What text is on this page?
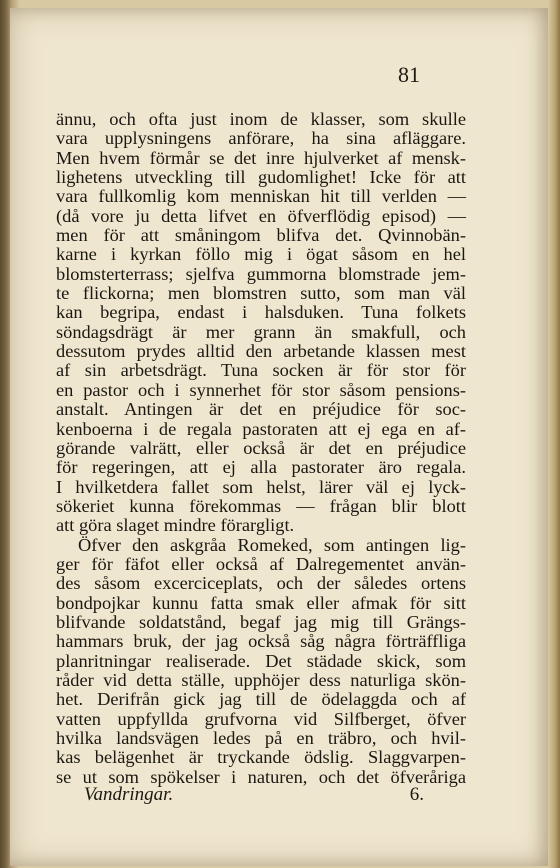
81
ännu, och ofta just inom de klasser, som skulle
vara upplysningens anförare, ha sina afläggare.
Men hvem förmår se det inre hjulverket af mensk-
lighetens utveckling till gudomlighet! Icke för att
vara fullkomlig kom menniskan hit till verlden —
(då vore ju detta lifvet en öfverflödig episod) —
men för att småningom blifva det. Qvinnobän-
karne i kyrkan föllo mig i ögat såsom en hel
blomsterterrass; sjelfva gummorna blomstrade jem-
te flickorna; men blomstren sutto, som man väl
kan begripa, endast i halsduken. Tuna folkets
söndagsdrägt är mer grann än smakfull, och
dessutom prydes alltid den arbetande klassen mest
af sin arbetsdrägt. Tuna socken är för stor för
en pastor och i synnerhet för stor såsom pensions-
anstalt. Antingen är det en préjudice för soc-
kenboerna i de regala pastoraten att ej ega en af-
görande valrätt, eller också är det en préjudice
för regeringen, att ej alla pastorater äro regala.
I hvilketdera fallet som helst, lärer väl ej lyck-
sökeriet kunna förekommas — frågan blir blott
att göra slaget mindre förargligt.
Öfver den askgråa Romeked, som antingen lig-
ger för fäfot eller också af Dalregementet använ-
des såsom excerciceplats, och der således ortens
bondpojkar kunnu fatta smak eller afmak för sitt
blifvande soldatstånd, begaf jag mig till Grängs-
hammars bruk, der jag också såg några förträffliga
planritningar realiserade. Det städade skick, som
råder vid detta ställe, upphöjer dess naturliga skön-
het. Derifrån gick jag till de ödelaggda och af
vatten uppfyllda grufvorna vid Silfberget, öfver
hvilka landsvägen ledes på en träbro, och hvil-
kas belägenhet är tryckande ödslig. Slaggvarpen-
se ut som spökelser i naturen, och det öfveråriga
Vandringar.	6.
